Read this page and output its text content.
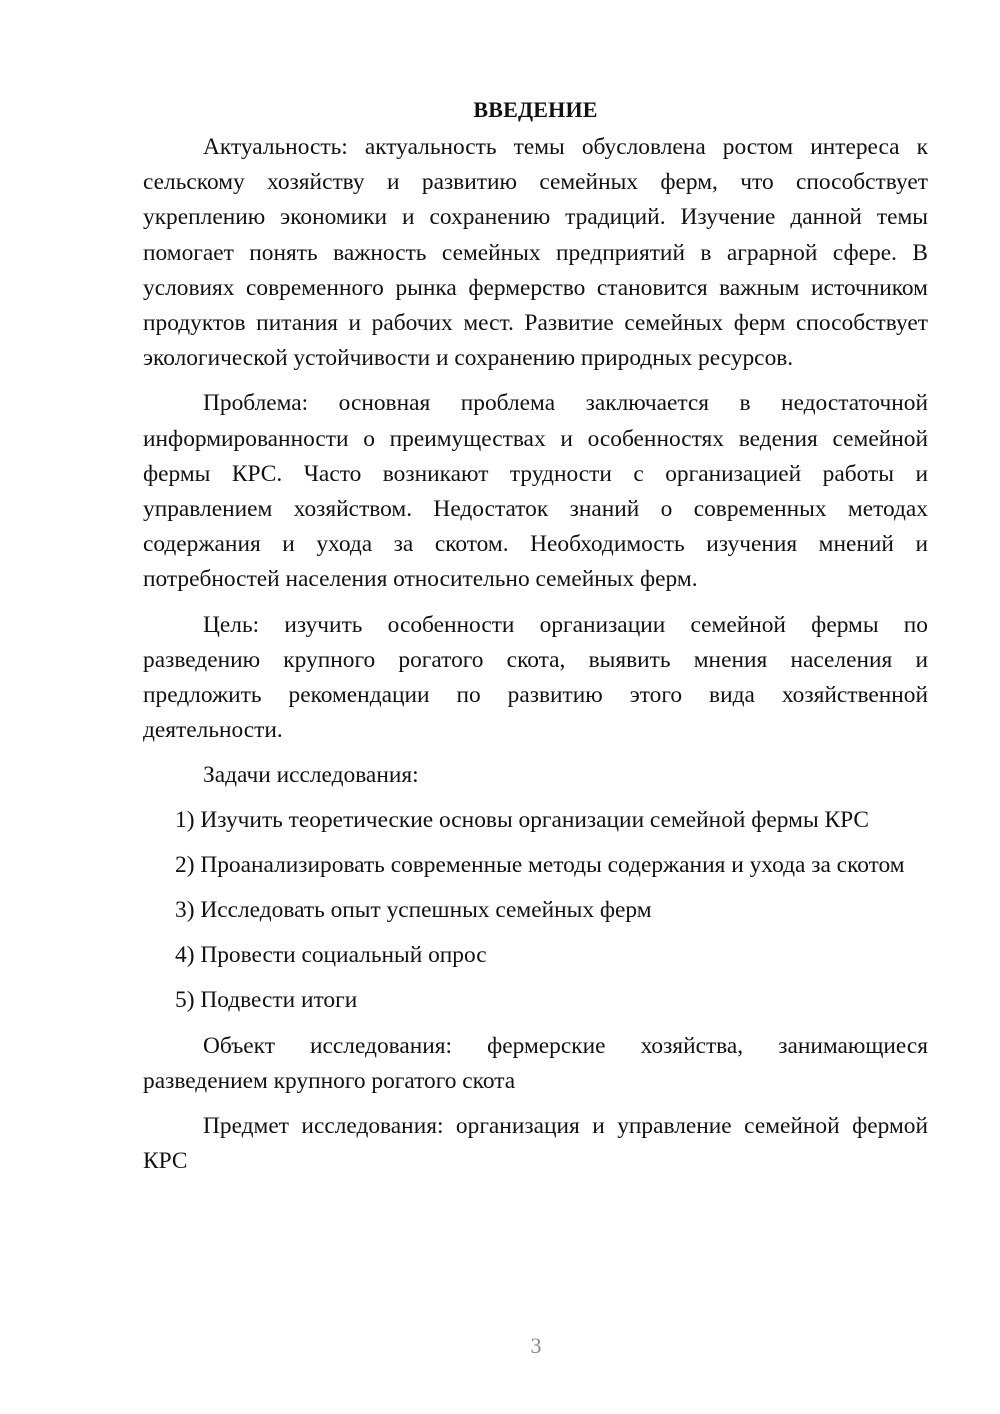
ВВЕДЕНИЕ

Актуальность: актуальность темы обусловлена ростом интереса к сельскому хозяйству и развитию семейных ферм, что способствует укреплению экономики и сохранению традиций. Изучение данной темы помогает понять важность семейных предприятий в аграрной сфере. В условиях современного рынка фермерство становится важным источником продуктов питания и рабочих мест. Развитие семейных ферм способствует экологической устойчивости и сохранению природных ресурсов.

Проблема: основная проблема заключается в недостаточной информированности о преимуществах и особенностях ведения семейной фермы КРС. Часто возникают трудности с организацией работы и управлением хозяйством. Недостаток знаний о современных методах содержания и ухода за скотом. Необходимость изучения мнений и потребностей населения относительно семейных ферм.

Цель: изучить особенности организации семейной фермы по разведению крупного рогатого скота, выявить мнения населения и предложить рекомендации по развитию этого вида хозяйственной деятельности.

Задачи исследования:

1) Изучить теоретические основы организации семейной фермы КРС

2) Проанализировать современные методы содержания и ухода за скотом

3) Исследовать опыт успешных семейных ферм

4) Провести социальный опрос

5) Подвести итоги

Объект исследования: фермерские хозяйства, занимающиеся разведением крупного рогатого скота

Предмет исследования: организация и управление семейной фермой КРС

3
